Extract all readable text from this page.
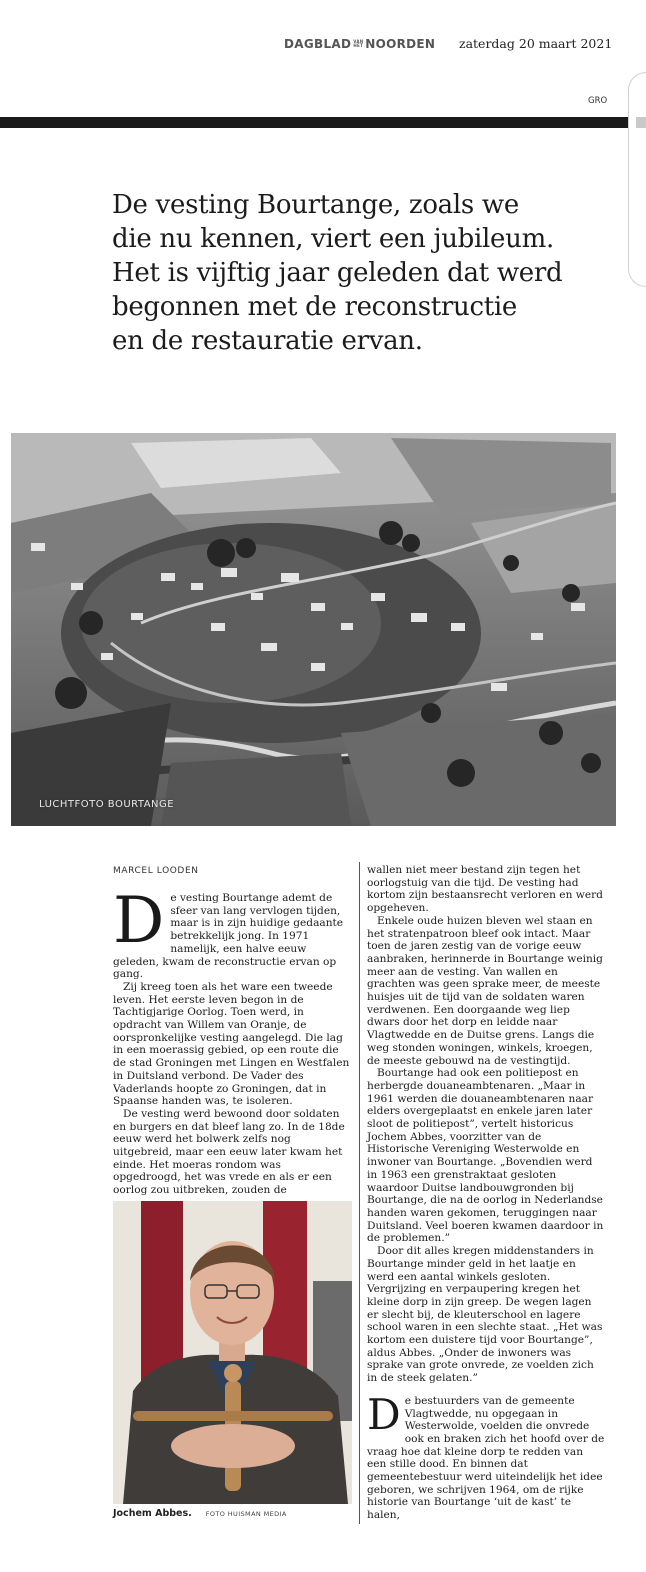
DAGBLAD VAN HET NOORDEN zaterdag 20 maart 2021
GRO

De vesting Bourtange, zoals we

die nu kennen, viert een jubileum.

Het is vijftig jaar geleden dat werd

begonnen met de reconstructie

en de restauratie ervan.

LUCHTFOTO BOURTANGE
MARCEL LOODEN

De vesting Bourtange ademt de sfeer van lang vervlogen tijden, maar is in zijn huidige gedaante betrekkelijk jong. In 1971 namelijk, een halve eeuw geleden, kwam de reconstructie ervan op gang.

Zij kreeg toen als het ware een tweede leven. Het eerste leven begon in de Tachtigjarige Oorlog. Toen werd, in opdracht van Willem van Oranje, de oorspronkelijke vesting aangelegd. Die lag in een moerassig gebied, op een route die de stad Groningen met Lingen en Westfalen in Duitsland verbond. De Vader des Vaderlands hoopte zo Groningen, dat in Spaanse handen was, te isoleren.

De vesting werd bewoond door soldaten en burgers en dat bleef lang zo. In de 18de eeuw werd het bolwerk zelfs nog uitgebreid, maar een eeuw later kwam het einde. Het moeras rondom was opgedroogd, het was vrede en als er een oorlog zou uitbreken, zouden de

wallen niet meer bestand zijn tegen het oorlogstuig van die tijd. De vesting had kortom zijn bestaansrecht verloren en werd opgeheven.

Enkele oude huizen bleven wel staan en het stratenpatroon bleef ook intact. Maar toen de jaren zestig van de vorige eeuw aanbraken, herinnerde in Bourtange weinig meer aan de vesting. Van wallen en grachten was geen sprake meer, de meeste huisjes uit de tijd van de soldaten waren verdwenen. Een doorgaande weg liep dwars door het dorp en leidde naar Vlagtwedde en de Duitse grens. Langs die weg stonden woningen, winkels, kroegen, de meeste gebouwd na de vestingtijd.

Bourtange had ook een politiepost en herbergde douaneambtenaren. „Maar in 1961 werden die douaneambtenaren naar elders overgeplaatst en enkele jaren later sloot de politiepost”, vertelt historicus Jochem Abbes, voorzitter van de Historische Vereniging Westerwolde en inwoner van Bourtange. „Bovendien werd in 1963 een grenstraktaat gesloten waardoor Duitse landbouwgronden bij Bourtange, die na de oorlog in Nederlandse handen waren gekomen, teruggingen naar Duitsland. Veel boeren kwamen daardoor in de problemen.”

Door dit alles kregen middenstanders in Bourtange minder geld in het laatje en werd een aantal winkels gesloten. Vergrijzing en verpaupering kregen het kleine dorp in zijn greep. De wegen lagen er slecht bij, de kleuterschool en lagere school waren in een slechte staat. „Het was kortom een duistere tijd voor Bourtange”, aldus Abbes. „Onder de inwoners was sprake van grote onvrede, ze voelden zich in de steek gelaten.”

De bestuurders van de gemeente Vlagtwedde, nu opgegaan in Westerwolde, voelden die onvrede ook en braken zich het hoofd over de vraag hoe dat kleine dorp te redden van een stille dood. En binnen dat gemeentebestuur werd uiteindelijk het idee geboren, we schrijven 1964, om de rijke historie van Bourtange ‘uit de kast’ te halen,

Jochem Abbes. FOTO HUISMAN MEDIA
